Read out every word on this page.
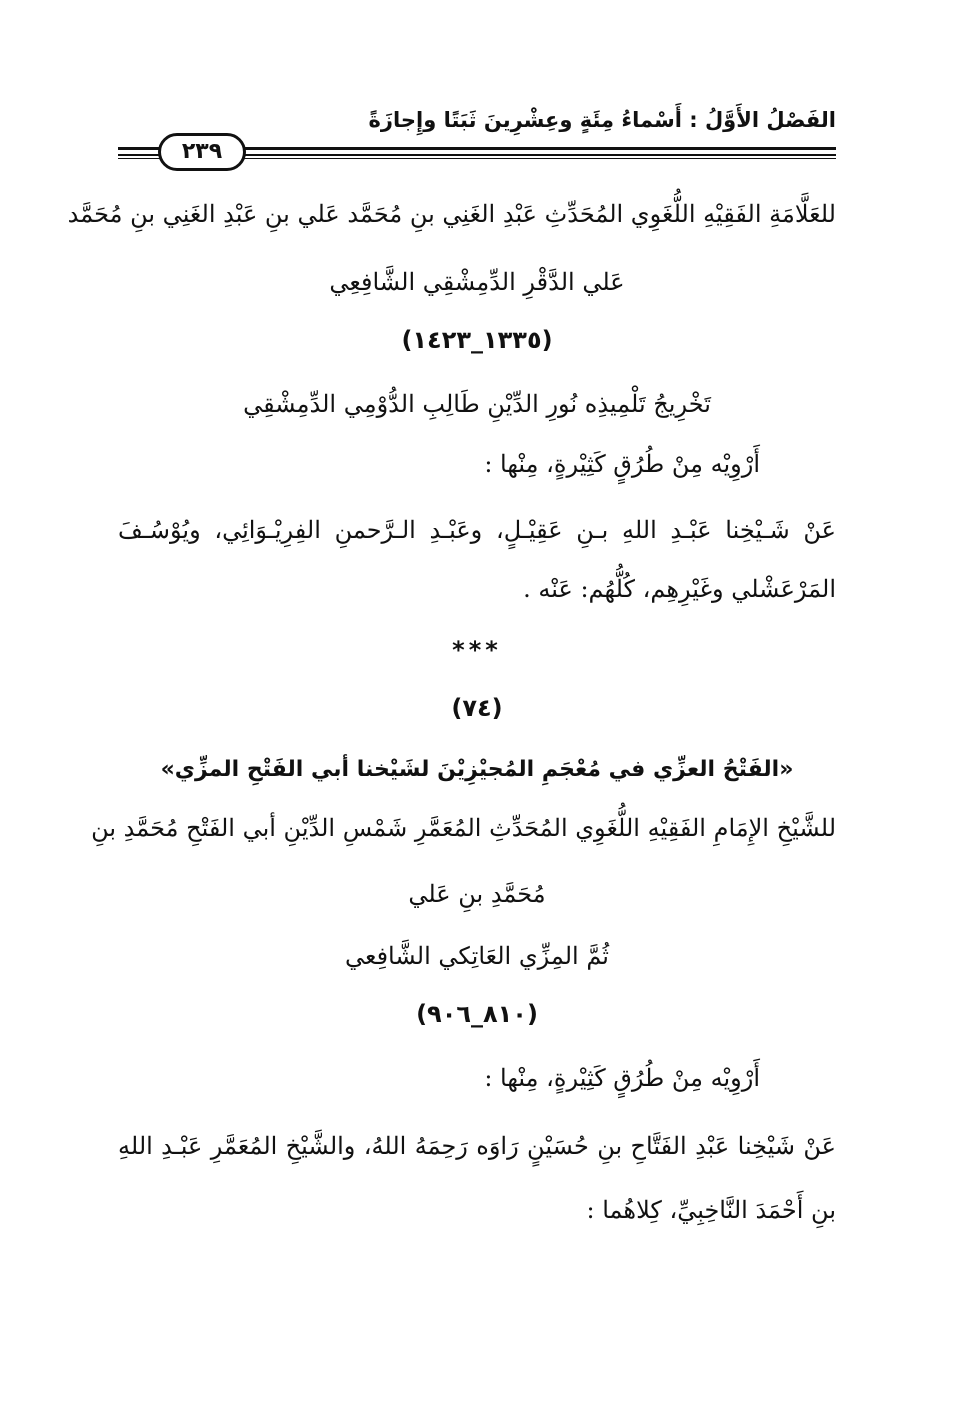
الفَصْلُ الأَوَّلُ : أَسْماءُ مِئَةٍ وعِشْرِينَ ثَبَتًا وإِجازَةً
٢٣٩
للعَلَّامَةِ الفَقِيْهِ اللُّغَوِي المُحَدِّثِ عَبْدِ الغَنِي بنِ مُحَمَّد عَلي بنِ عَبْدِ الغَنِي بنِ مُحَمَّد
عَلي الدَّقْرِ الدِّمِشْقِي الشَّافِعِي
(١٣٣٥_١٤٢٣)
تَخْرِيجُ تَلْمِيذِه نُورِ الدِّيْنِ طَالِبِ الدُّوْمِي الدِّمِشْقِي
أَرْوِيْه مِنْ طُرُقٍ كَثِيْرةٍ، مِنْها :
عَنْ شَـيْخِنا عَبْـدِ اللهِ بـنِ عَقِيْـلٍ، وعَبْـدِ الـرَّحمنِ الفِرِيْـوَائِي، ويُوْسُـفَ
المَرْعَشْلي وغَيْرِهِم، كُلُّهُم: عَنْه .
***
(٧٤)
«الفَتْحُ العزِّي في مُعْجَمِ المُجيْزِيْنَ لشَيْخنا أبي الفَتْحِ المزِّي»
للشَّيْخِ الإِمَامِ الفَقِيْهِ اللُّغَوِي المُحَدِّثِ المُعَمَّرِ شَمْسِ الدِّيْنِ أبي الفَتْحِ مُحَمَّدِ بنِ
مُحَمَّدِ بنِ عَلي
ثُمَّ المِزِّي العَاتِكي الشَّافِعي
(٨١٠_٩٠٦)
أَرْوِيْه مِنْ طُرُقٍ كَثِيْرةٍ، مِنْها :
عَنْ شَيْخِنا عَبْدِ الفَتَّاحِ بنِ حُسَيْنٍ رَاوَه رَحِمَهُ اللهُ، والشَّيْخِ المُعَمَّرِ عَبْـدِ اللهِ
بنِ أَحْمَدَ النَّاخِبِيِّ، كِلاهُما :
